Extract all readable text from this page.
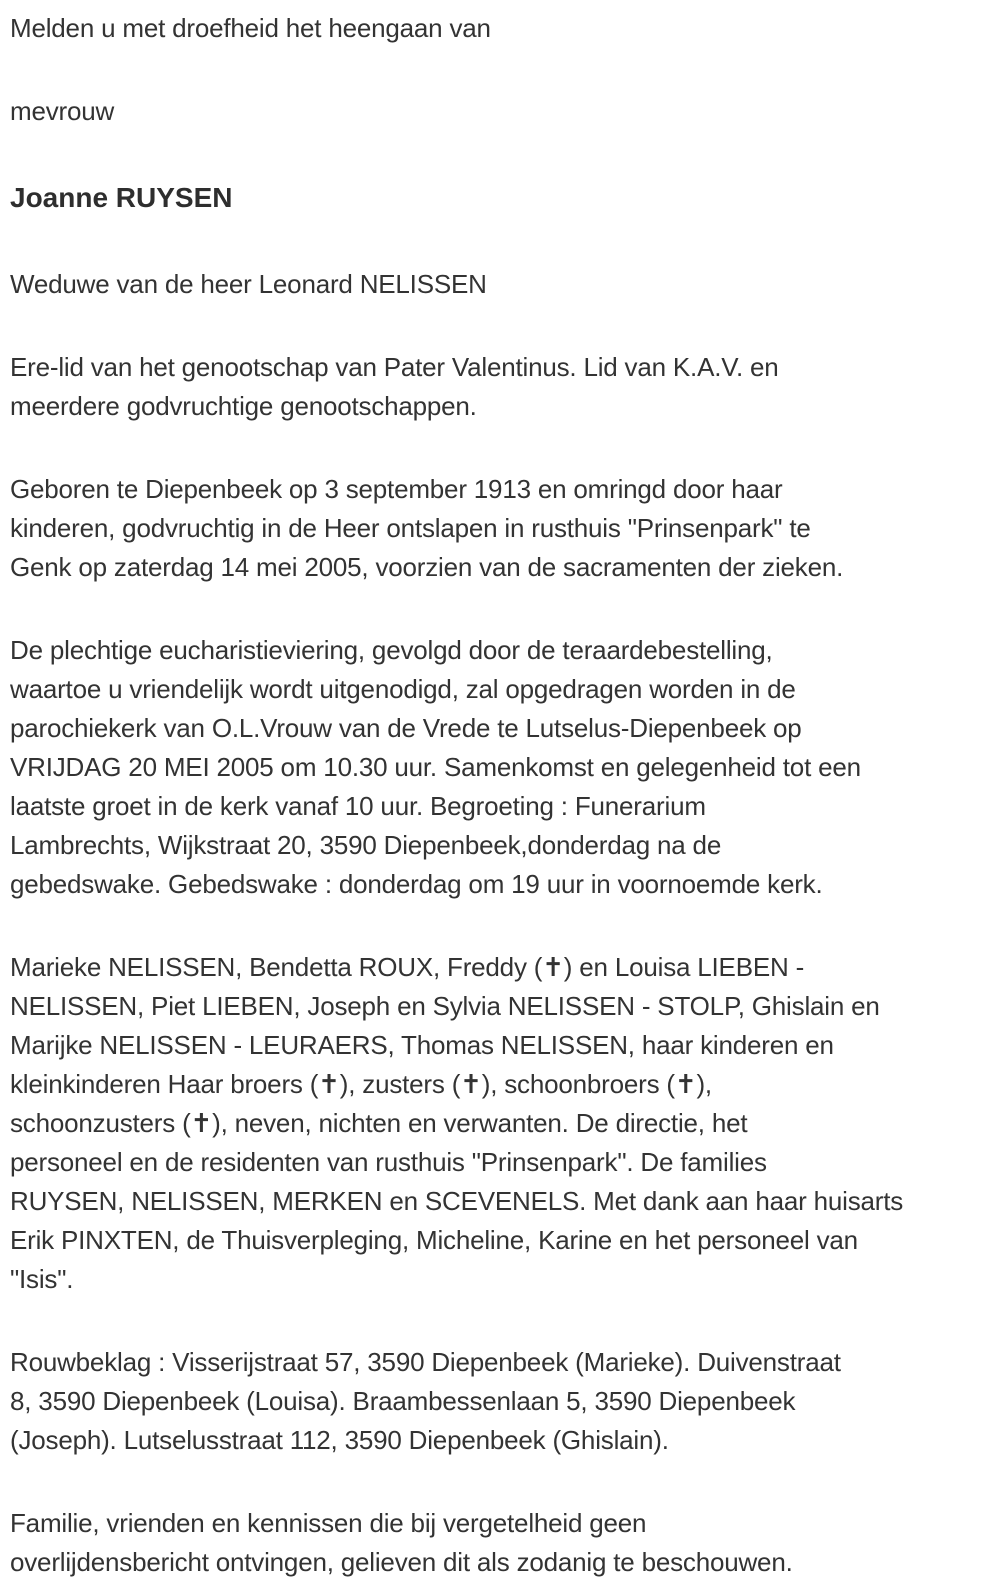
Melden u met droefheid het heengaan van

mevrouw

Joanne RUYSEN

Weduwe van de heer Leonard NELISSEN

Ere-lid van het genootschap van Pater Valentinus. Lid van K.A.V. en
meerdere godvruchtige genootschappen.

Geboren te Diepenbeek op 3 september 1913 en omringd door haar
kinderen, godvruchtig in de Heer ontslapen in rusthuis "Prinsenpark" te
Genk op zaterdag 14 mei 2005, voorzien van de sacramenten der zieken.

De plechtige eucharistieviering, gevolgd door de teraardebestelling,
waartoe u vriendelijk wordt uitgenodigd, zal opgedragen worden in de
parochiekerk van O.L.Vrouw van de Vrede te Lutselus-Diepenbeek op
VRIJDAG 20 MEI 2005 om 10.30 uur. Samenkomst en gelegenheid tot een
laatste groet in de kerk vanaf 10 uur. Begroeting : Funerarium
Lambrechts, Wijkstraat 20, 3590 Diepenbeek,donderdag na de
gebedswake. Gebedswake : donderdag om 19 uur in voornoemde kerk.

Marieke NELISSEN, Bendetta ROUX, Freddy (✝) en Louisa LIEBEN -
NELISSEN, Piet LIEBEN, Joseph en Sylvia NELISSEN - STOLP, Ghislain en
Marijke NELISSEN - LEURAERS, Thomas NELISSEN, haar kinderen en
kleinkinderen Haar broers (✝), zusters (✝), schoonbroers (✝),
schoonzusters (✝), neven, nichten en verwanten. De directie, het
personeel en de residenten van rusthuis "Prinsenpark". De families
RUYSEN, NELISSEN, MERKEN en SCEVENELS. Met dank aan haar huisarts
Erik PINXTEN, de Thuisverpleging, Micheline, Karine en het personeel van
"Isis".

Rouwbeklag : Visserijstraat 57, 3590 Diepenbeek (Marieke). Duivenstraat
8, 3590 Diepenbeek (Louisa). Braambessenlaan 5, 3590 Diepenbeek
(Joseph). Lutselusstraat 112, 3590 Diepenbeek (Ghislain).

Familie, vrienden en kennissen die bij vergetelheid geen
overlijdensbericht ontvingen, gelieven dit als zodanig te beschouwen.
